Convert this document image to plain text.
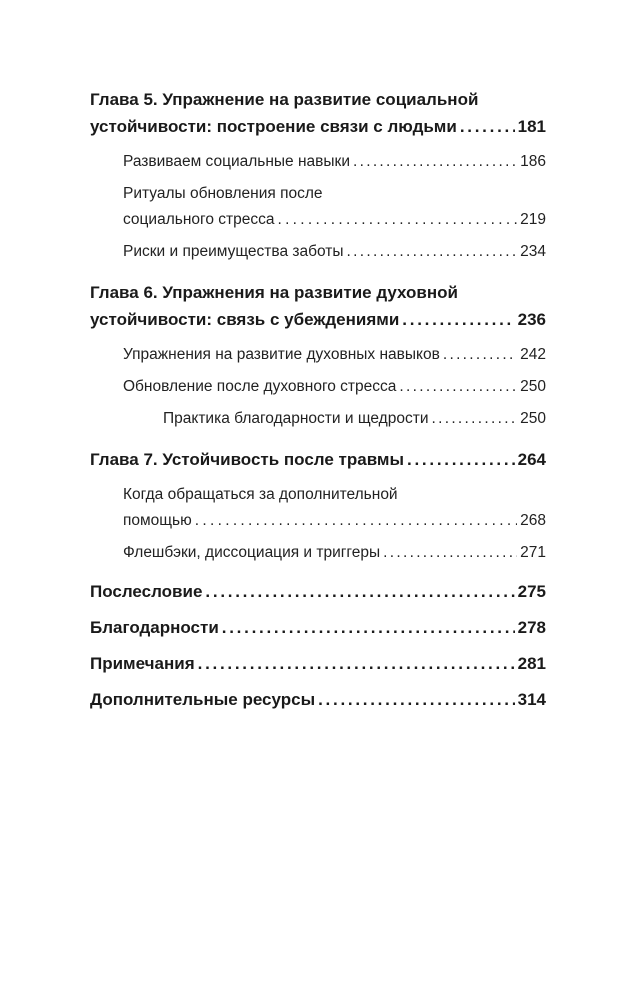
Глава 5. Упражнение на развитие социальной
устойчивости: построение связи с людьми . . .	181
Развиваем социальные навыки . . .	186
Ритуалы обновления после
социального стресса . . .	219
Риски и преимущества заботы . . .	234
Глава 6. Упражнения на развитие духовной
устойчивости: связь с убеждениями . . .	236
Упражнения на развитие духовных навыков . . .	242
Обновление после духовного стресса . . .	250
Практика благодарности и щедрости . . .	250
Глава 7. Устойчивость после травмы . . .	264
Когда обращаться за дополнительной
помощью . . .	268
Флешбэки, диссоциация и триггеры . . .	271
Послесловие . . .	275
Благодарности . . .	278
Примечания . . .	281
Дополнительные ресурсы . . .	314
